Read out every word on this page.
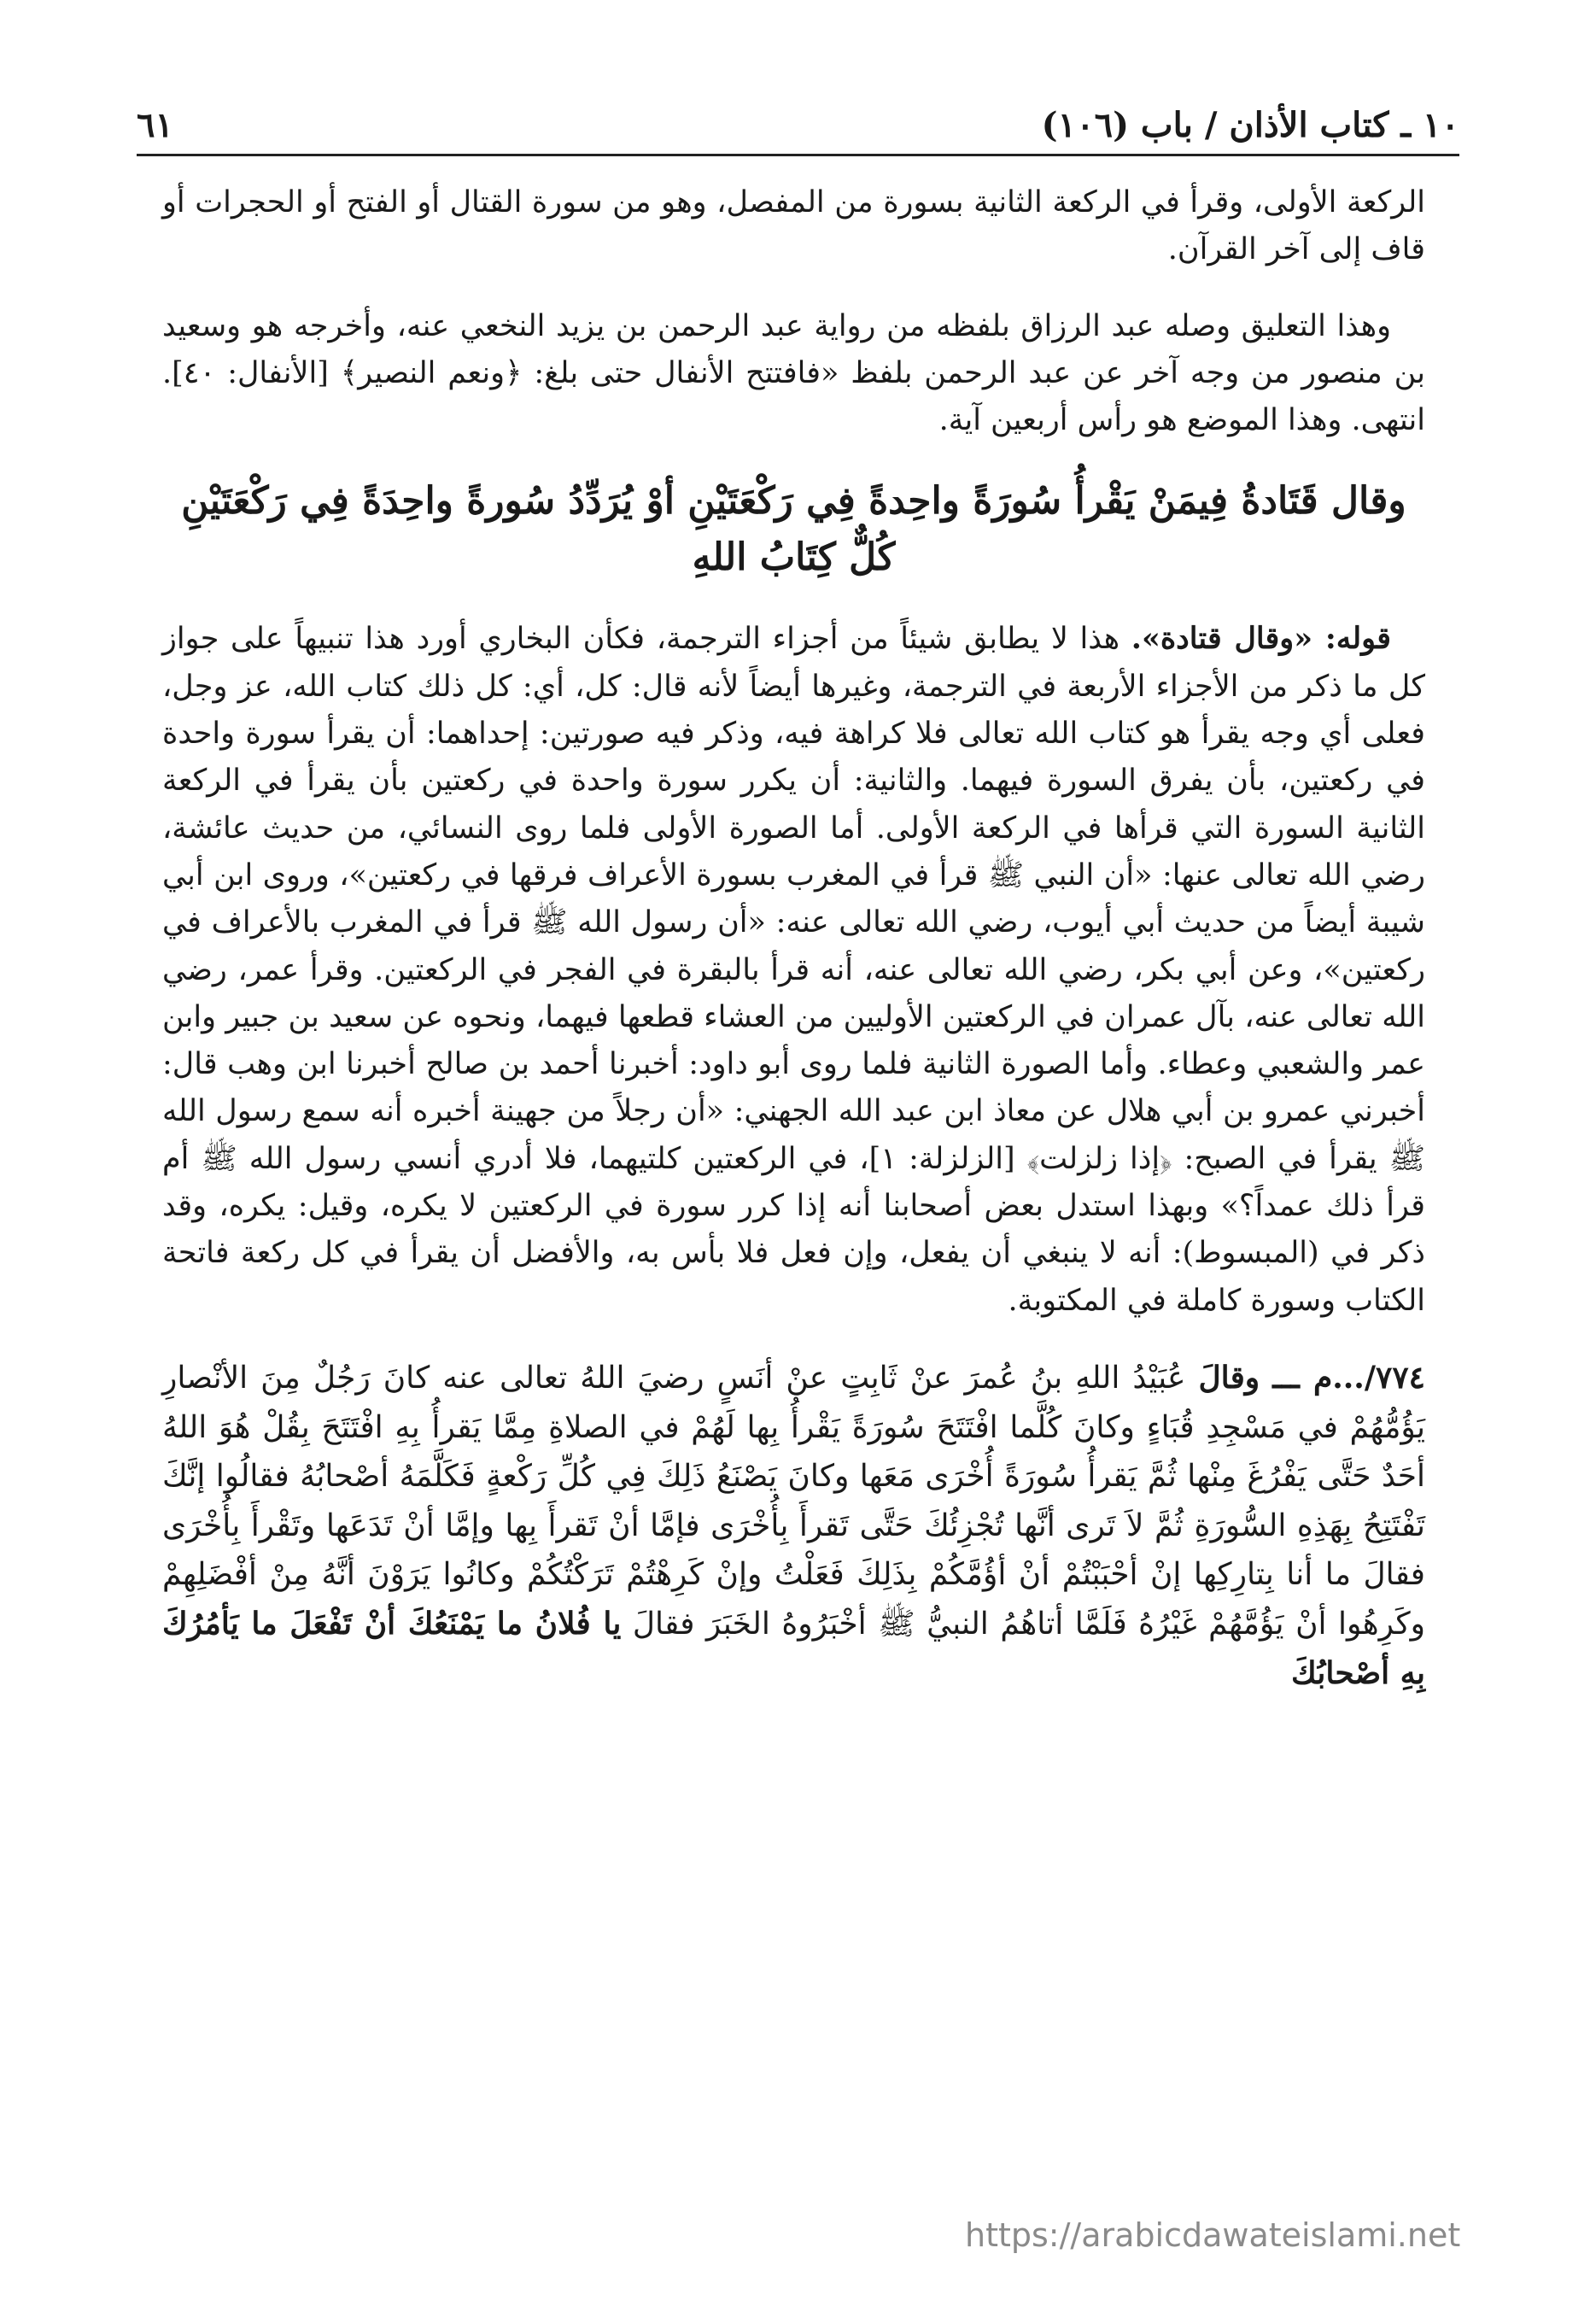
١٠ ـ كتاب الأذان / باب (١٠٦)
٦١

الركعة الأولى، وقرأ في الركعة الثانية بسورة من المفصل، وهو من سورة القتال أو الفتح أو الحجرات أو قاف إلى آخر القرآن.

وهذا التعليق وصله عبد الرزاق بلفظه من رواية عبد الرحمن بن يزيد النخعي عنه، وأخرجه هو وسعيد بن منصور من وجه آخر عن عبد الرحمن بلفظ «فافتتح الأنفال حتى بلغ: ﴿ونعم النصير﴾ [الأنفال: ٤٠]. انتهى. وهذا الموضع هو رأس أربعين آية.

وقال قَتَادةُ فِيمَنْ يَقْرأُ سُورَةً واحِدةً فِي رَكْعَتَيْنِ أوْ يُرَدِّدُ سُورةً واحِدَةً فِي رَكْعَتَيْنِ كُلٌّ كِتَابُ اللهِ

قوله: «وقال قتادة». هذا لا يطابق شيئاً من أجزاء الترجمة، فكأن البخاري أورد هذا تنبيهاً على جواز كل ما ذكر من الأجزاء الأربعة في الترجمة، وغيرها أيضاً لأنه قال: كل، أي: كل ذلك كتاب الله، عز وجل، فعلى أي وجه يقرأ هو كتاب الله تعالى فلا كراهة فيه، وذكر فيه صورتين: إحداهما: أن يقرأ سورة واحدة في ركعتين، بأن يفرق السورة فيهما. والثانية: أن يكرر سورة واحدة في ركعتين بأن يقرأ في الركعة الثانية السورة التي قرأها في الركعة الأولى. أما الصورة الأولى فلما روى النسائي، من حديث عائشة، رضي الله تعالى عنها: «أن النبي ﷺ قرأ في المغرب بسورة الأعراف فرقها في ركعتين»، وروى ابن أبي شيبة أيضاً من حديث أبي أيوب، رضي الله تعالى عنه: «أن رسول الله ﷺ قرأ في المغرب بالأعراف في ركعتين»، وعن أبي بكر، رضي الله تعالى عنه، أنه قرأ بالبقرة في الفجر في الركعتين. وقرأ عمر، رضي الله تعالى عنه، بآل عمران في الركعتين الأوليين من العشاء قطعها فيهما، ونحوه عن سعيد بن جبير وابن عمر والشعبي وعطاء. وأما الصورة الثانية فلما روى أبو داود: أخبرنا أحمد بن صالح أخبرنا ابن وهب قال: أخبرني عمرو بن أبي هلال عن معاذ ابن عبد الله الجهني: «أن رجلاً من جهينة أخبره أنه سمع رسول الله ﷺ يقرأ في الصبح: ﴿إذا زلزلت﴾ [الزلزلة: ١]، في الركعتين كلتيهما، فلا أدري أنسي رسول الله ﷺ أم قرأ ذلك عمداً؟» وبهذا استدل بعض أصحابنا أنه إذا كرر سورة في الركعتين لا يكره، وقيل: يكره، وقد ذكر في (المبسوط): أنه لا ينبغي أن يفعل، وإن فعل فلا بأس به، والأفضل أن يقرأ في كل ركعة فاتحة الكتاب وسورة كاملة في المكتوبة.

٧٧٤/...م ـــ وقالَ عُبَيْدُ اللهِ بنُ عُمرَ عنْ ثَابِتٍ عنْ أنَسٍ رضيَ اللهُ تعالى عنه كانَ رَجُلٌ مِنَ الأنْصارِ يَؤُمُّهُمْ في مَسْجِدِ قُبَاءٍ وكانَ كُلَّما افْتَتَحَ سُورَةً يَقْرأُ بِها لَهُمْ في الصلاةِ مِمَّا يَقرأُ بِهِ افْتَتَحَ بِقُلْ هُوَ اللهُ أحَدٌ حَتَّى يَفْرُغَ مِنْها ثُمَّ يَقرأُ سُورَةً أُخْرَى مَعَها وكانَ يَصْنَعُ ذَلِكَ فِي كُلِّ رَكْعةٍ فَكَلَّمَهُ أصْحابُهُ فقالُوا إنَّكَ تَفْتَتِحُ بِهَذِهِ السُّورَةِ ثُمَّ لاَ تَرى أنَّها تُجْزِئُكَ حَتَّى تَقرأَ بِأُخْرَى فإمَّا أنْ تَقرأَ بِها وإمَّا أنْ تَدَعَها وتَقْرأَ بِأُخْرَى فقالَ ما أنا بِتارِكِها إنْ أحْبَبْتُمْ أنْ أؤُمَّكُمْ بِذَلِكَ فَعَلْتُ وإنْ كَرِهْتُمْ تَرَكْتُكُمْ وكانُوا يَرَوْنَ أنَّهُ مِنْ أفْضَلِهِمْ وكَرِهُوا أنْ يَؤُمَّهُمْ غَيْرُهُ فَلَمَّا أتاهُمُ النبيُّ ﷺ أخْبَرُوهُ الخَبَرَ فقالَ يا فُلانُ ما يَمْنَعُكَ أنْ تَفْعَلَ ما يَأمُرُكَ بِهِ أصْحابُكَ

https://arabicdawateislami.net
